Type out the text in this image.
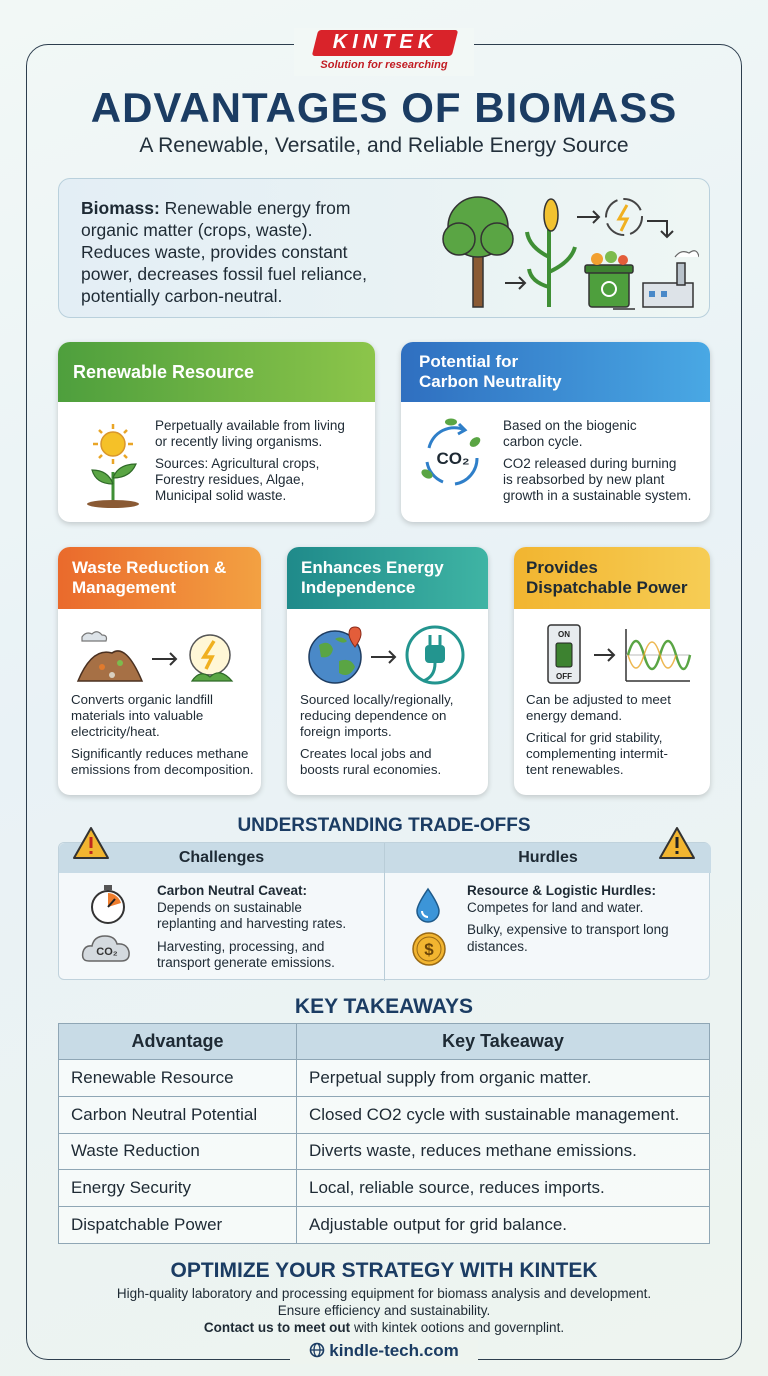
KINTEK
Solution for researching
ADVANTAGES OF BIOMASS
A Renewable, Versatile, and Reliable Energy Source
Biomass: Renewable energy from
organic matter (crops, waste).
Reduces waste, provides constant
power, decreases fossil fuel reliance,
potentially carbon-neutral.
Renewable Resource

Perpetually available from living
or recently living organisms.

Sources: Agricultural crops,
Forestry residues, Algae,
Municipal solid waste.

Potential for
Carbon Neutrality
CO₂

Based on the biogenic
carbon cycle.

CO2 released during burning
is reabsorbed by new plant
growth in a sustainable system.

Waste Reduction &
Management

Converts organic landfill
materials into valuable
electricity/heat.

Significantly reduces methane
emissions from decomposition.

Enhances Energy
Independence

Sourced locally/regionally,
reducing dependence on
foreign imports.

Creates local jobs and
boosts rural economies.

Provides
Dispatchable Power
ON
OFF

Can be adjusted to meet
energy demand.

Critical for grid stability,
complementing intermit-
tent renewables.

UNDERSTANDING TRADE-OFFS
Challenges	Hurdles
CO₂
Carbon Neutral Caveat:
Depends on sustainable
replanting and harvesting rates.
Harvesting, processing, and
transport generate emissions.
$
Resource & Logistic Hurdles:
Competes for land and water.
Bulky, expensive to transport long
distances.
KEY TAKEAWAYS
Advantage	Key Takeaway
Renewable Resource	Perpetual supply from organic matter.
Carbon Neutral Potential	Closed CO2 cycle with sustainable management.
Waste Reduction	Diverts waste, reduces methane emissions.
Energy Security	Local, reliable source, reduces imports.
Dispatchable Power	Adjustable output for grid balance.
OPTIMIZE YOUR STRATEGY WITH KINTEK
High-quality laboratory and processing equipment for biomass analysis and development.
Ensure efficiency and sustainability.
Contact us to meet out with kintek ootions and govern​​plint.
kindle-tech.com
